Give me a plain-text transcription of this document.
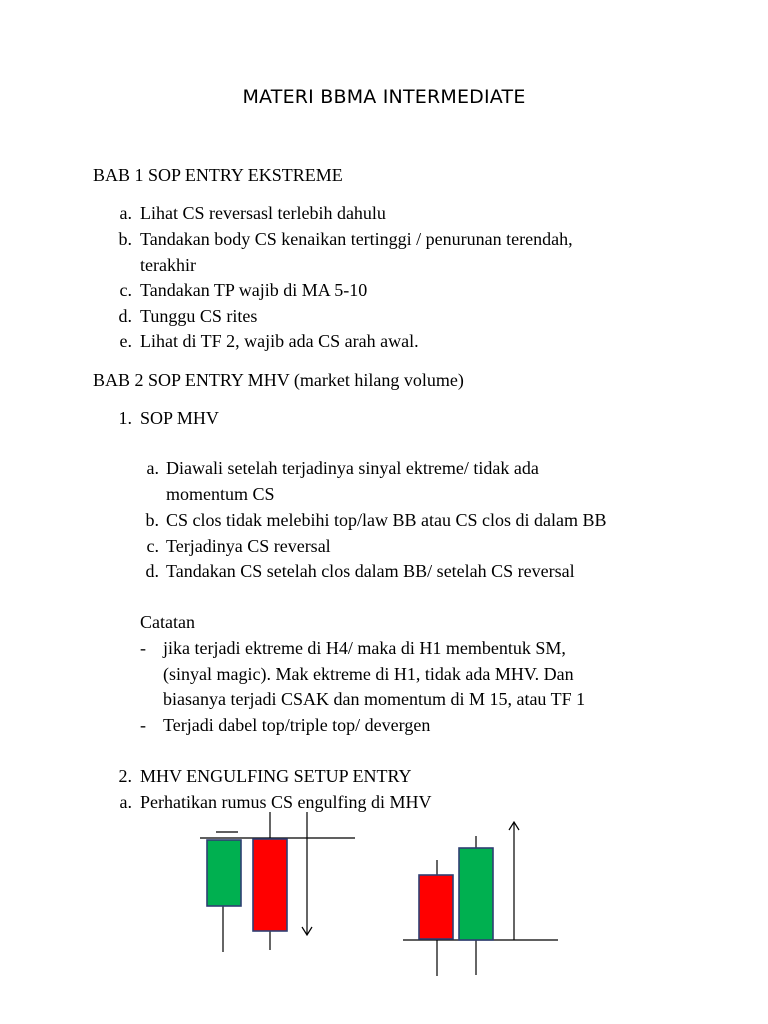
MATERI BBMA INTERMEDIATE
BAB 1 SOP ENTRY EKSTREME
a. Lihat CS reversasl terlebih dahulu
b. Tandakan body CS kenaikan tertinggi / penurunan terendah,
terakhir
c. Tandakan TP wajib di MA 5-10
d. Tunggu CS rites
e. Lihat di TF 2, wajib ada CS arah awal.
BAB 2 SOP ENTRY MHV (market hilang volume)
1. SOP MHV
a. Diawali setelah terjadinya sinyal ektreme/ tidak ada
momentum CS
b. CS clos tidak melebihi top/law BB atau CS clos di dalam BB
c. Terjadinya CS reversal
d. Tandakan CS setelah clos dalam BB/ setelah CS reversal
Catatan
- jika terjadi ektreme di H4/ maka di H1 membentuk SM,
(sinyal magic). Mak ektreme di H1, tidak ada MHV. Dan
biasanya terjadi CSAK dan momentum di M 15, atau TF 1
- Terjadi dabel top/triple top/ devergen
2. MHV ENGULFING SETUP ENTRY
a. Perhatikan rumus CS engulfing di MHV
